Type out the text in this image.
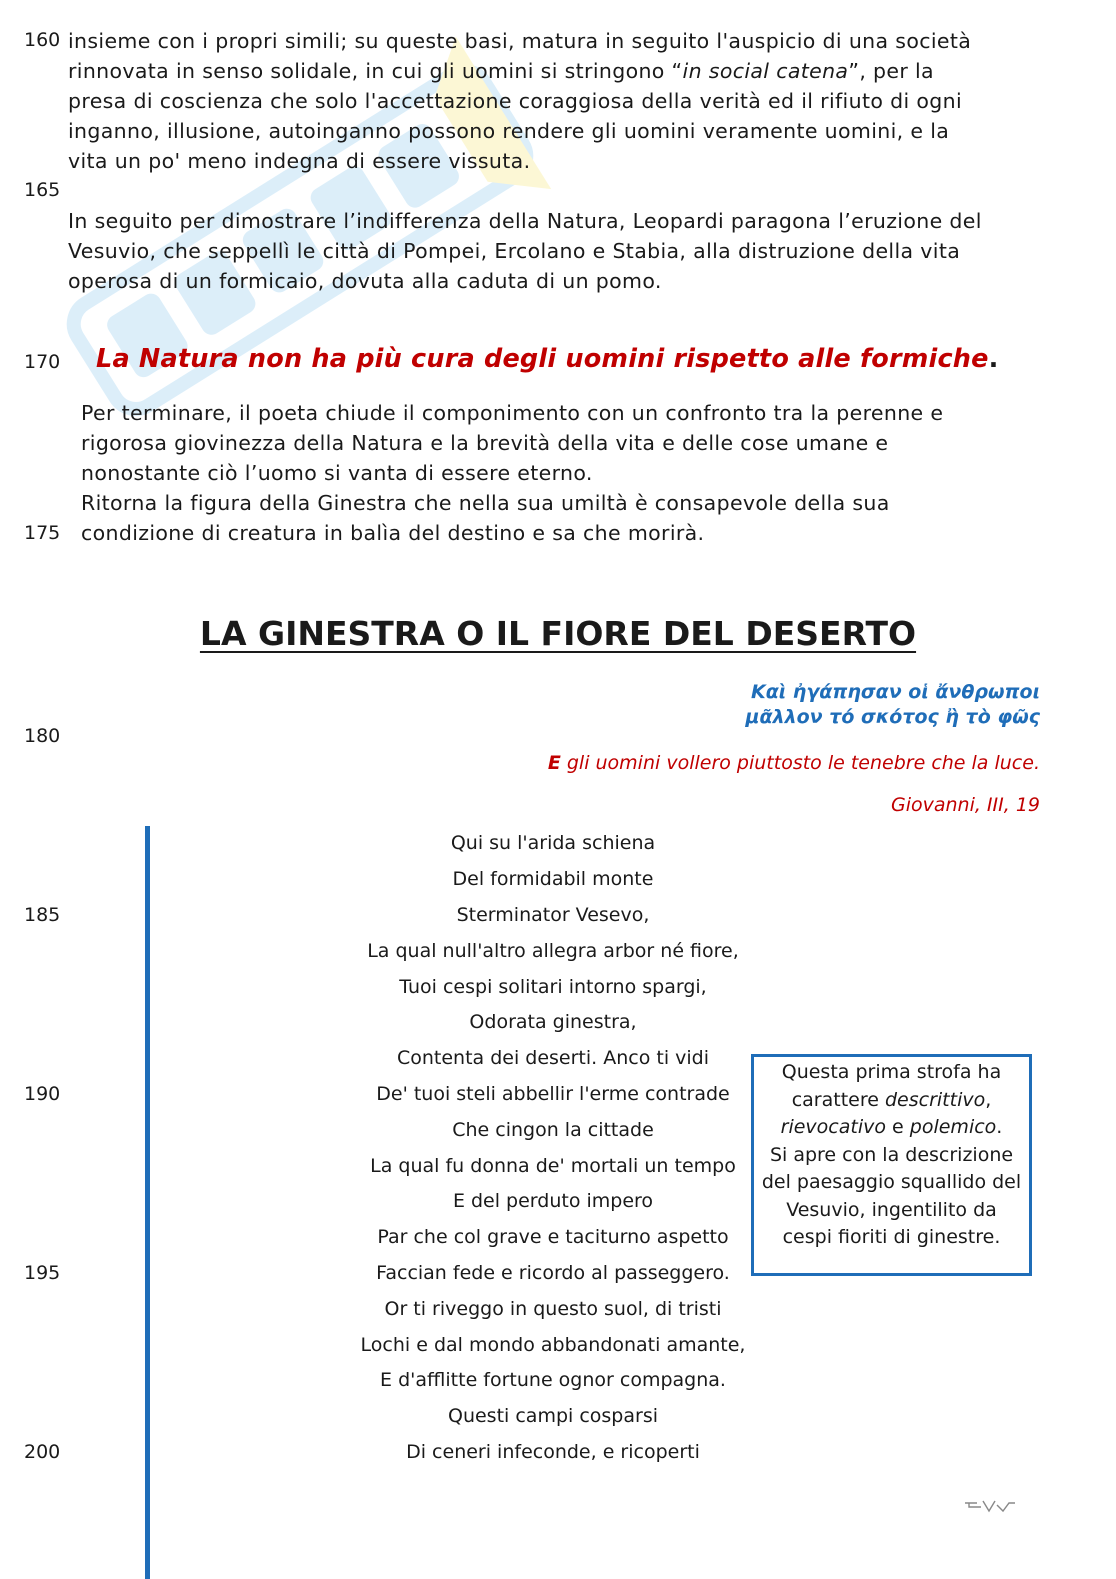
160
165
170
175
180
185
190
195
200
insieme con i propri simili; su queste basi, matura in seguito l'auspicio di una società
rinnovata in senso solidale, in cui gli uomini si stringono “in social catena”, per la
presa di coscienza che solo l'accettazione coraggiosa della verità ed il rifiuto di ogni
inganno, illusione, autoinganno possono rendere gli uomini veramente uomini, e la
vita un po' meno indegna di essere vissuta.
In seguito per dimostrare l’indifferenza della Natura, Leopardi paragona l’eruzione del
Vesuvio, che seppellì le città di Pompei, Ercolano e Stabia, alla distruzione della vita
operosa di un formicaio, dovuta alla caduta di un pomo.
La Natura non ha più cura degli uomini rispetto alle formiche.
Per terminare, il poeta chiude il componimento con un confronto tra la perenne e
rigorosa giovinezza della Natura e la brevità della vita e delle cose umane e
nonostante ciò l’uomo si vanta di essere eterno.
Ritorna la figura della Ginestra che nella sua umiltà è consapevole della sua
condizione di creatura in balìa del destino e sa che morirà.
LA GINESTRA O IL FIORE DEL DESERTO
Καὶ ἠγάπησαν οἱ ἄνθρωποι
μᾶλλον τό σκότος ἢ τὸ φῶς
E gli uomini vollero piuttosto le tenebre che la luce.
Giovanni, III, 19
Qui su l'arida schiena
Del formidabil monte
Sterminator Vesevo,
La qual null'altro allegra arbor né fiore,
Tuoi cespi solitari intorno spargi,
Odorata ginestra,
Contenta dei deserti. Anco ti vidi
De' tuoi steli abbellir l'erme contrade
Che cingon la cittade
La qual fu donna de' mortali un tempo
E del perduto impero
Par che col grave e taciturno aspetto
Faccian fede e ricordo al passeggero.
Or ti riveggo in questo suol, di tristi
Lochi e dal mondo abbandonati amante,
E d'afflitte fortune ognor compagna.
Questi campi cosparsi
Di ceneri infeconde, e ricoperti
Questa prima strofa ha
carattere descrittivo,
rievocativo e polemico.
Si apre con la descrizione
del paesaggio squallido del
Vesuvio, ingentilito da
cespi fioriti di ginestre.
